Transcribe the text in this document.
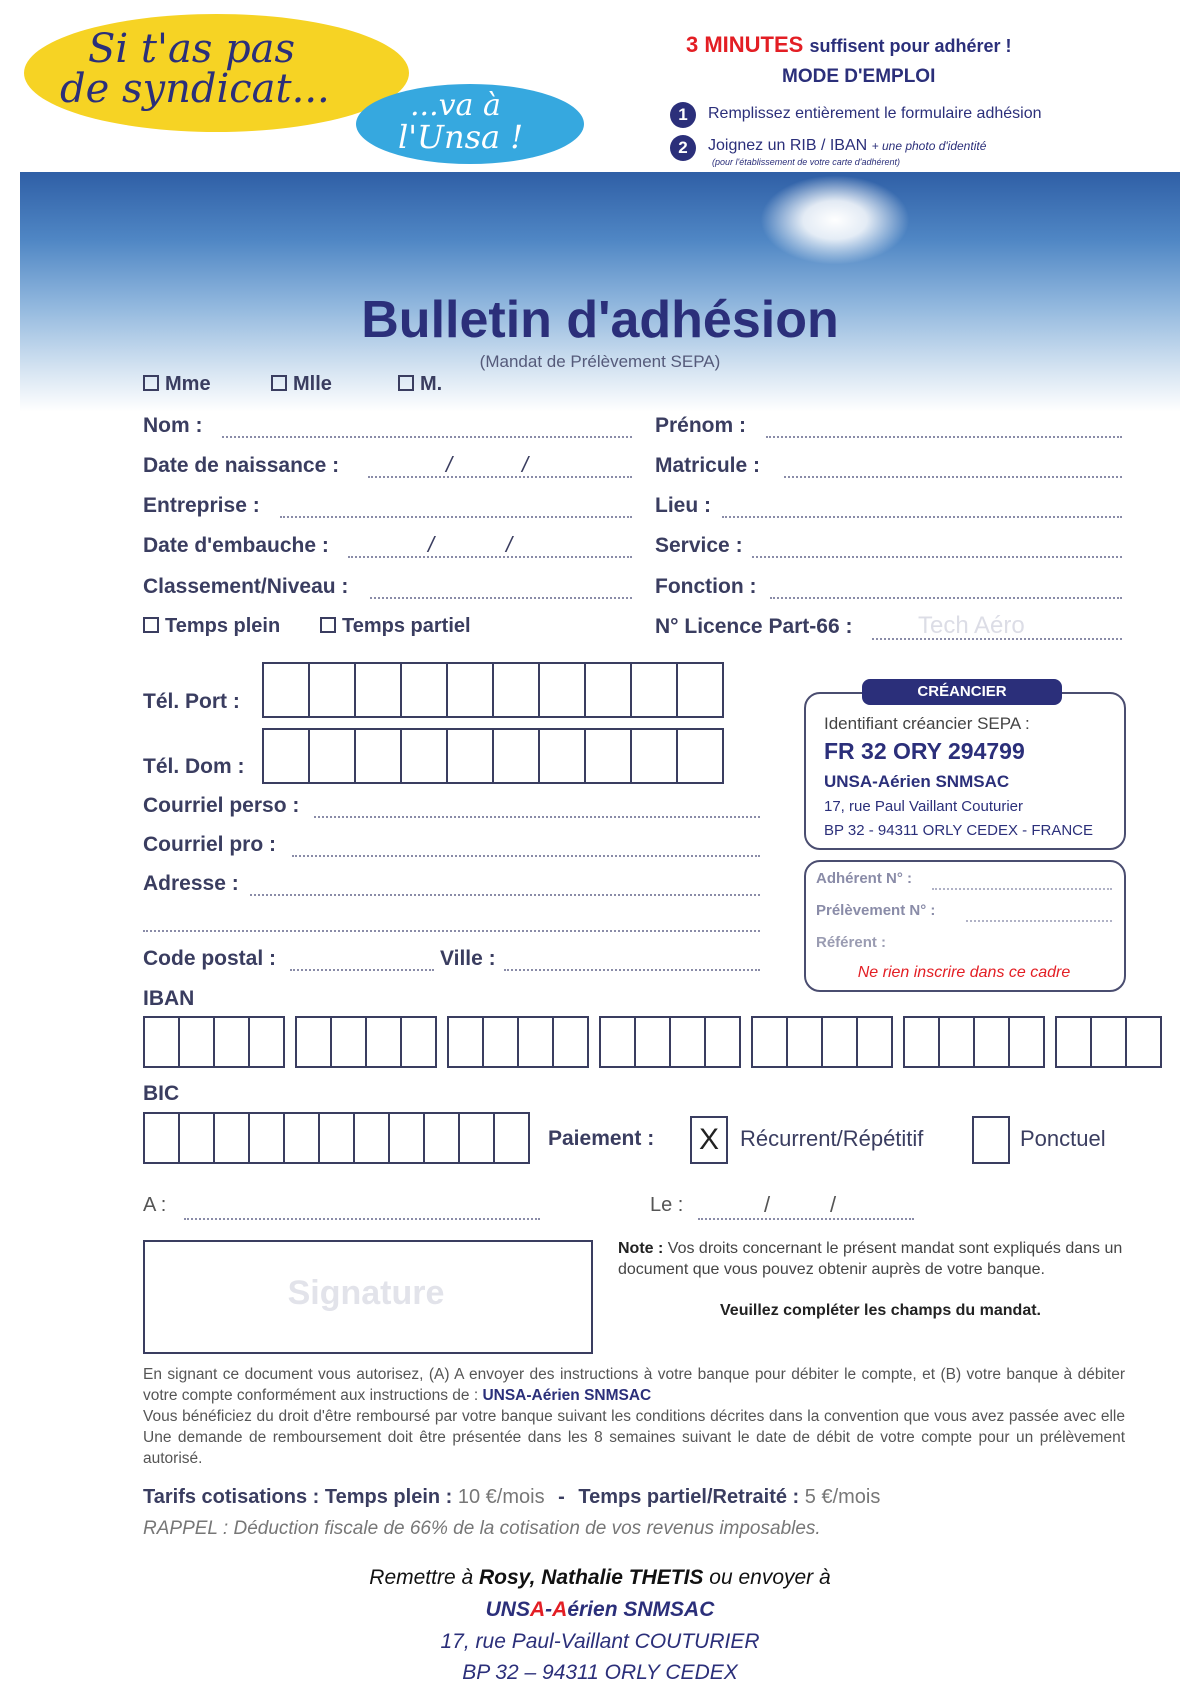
Si t'as pas
de syndicat...	...va à
l'Unsa !
3 MINUTES suffisent pour adhérer !
MODE D'EMPLOI
1	Remplissez entièrement le formulaire adhésion
2	Joignez un RIB / IBAN + une photo d'identité
(pour l'établissement de votre carte d'adhérent)
Bulletin d'adhésion
(Mandat de Prélèvement SEPA)
Mme	Mlle	M.
Nom :	Prénom :
Date de naissance :	/	/	Matricule :
Entreprise :	Lieu :
Date d'embauche :	/	/	Service :
Classement/Niveau :	Fonction :
Temps plein	Temps partiel	N° Licence Part-66 :	Tech Aéro
Tél. Port :
Tél. Dom :
Courriel perso :
Courriel pro :
Adresse :
Code postal :	Ville :
CRÉANCIER
Identifiant créancier SEPA :
FR 32 ORY 294799
UNSA-Aérien SNMSAC
17, rue Paul Vaillant Couturier
BP 32 - 94311 ORLY CEDEX - FRANCE
Adhérent N° :
Prélèvement N° :
Référent :
Ne rien inscrire dans ce cadre
IBAN
BIC
Paiement : X Récurrent/Répétitif	Ponctuel
A :	Le :	/	/
Signature
Note : Vos droits concernant le présent mandat sont expliqués dans un document que vous pouvez obtenir auprès de votre banque.
Veuillez compléter les champs du mandat.
En signant ce document vous autorisez, (A) A envoyer des instructions à votre banque pour débiter le compte, et (B) votre banque à débiter votre compte conformément aux instructions de : UNSA-Aérien SNMSAC
Vous bénéficiez du droit d'être remboursé par votre banque suivant les conditions décrites dans la convention que vous avez passée avec elle Une demande de remboursement doit être présentée dans les 8 semaines suivant le date de débit de votre compte pour un prélèvement autorisé.
Tarifs cotisations : Temps plein : 10 €/mois - Temps partiel/Retraité : 5 €/mois
RAPPEL : Déduction fiscale de 66% de la cotisation de vos revenus imposables.
Remettre à Rosy, Nathalie THETIS ou envoyer à
UNSA-Aérien SNMSAC
17, rue Paul-Vaillant COUTURIER
BP 32 – 94311 ORLY CEDEX
